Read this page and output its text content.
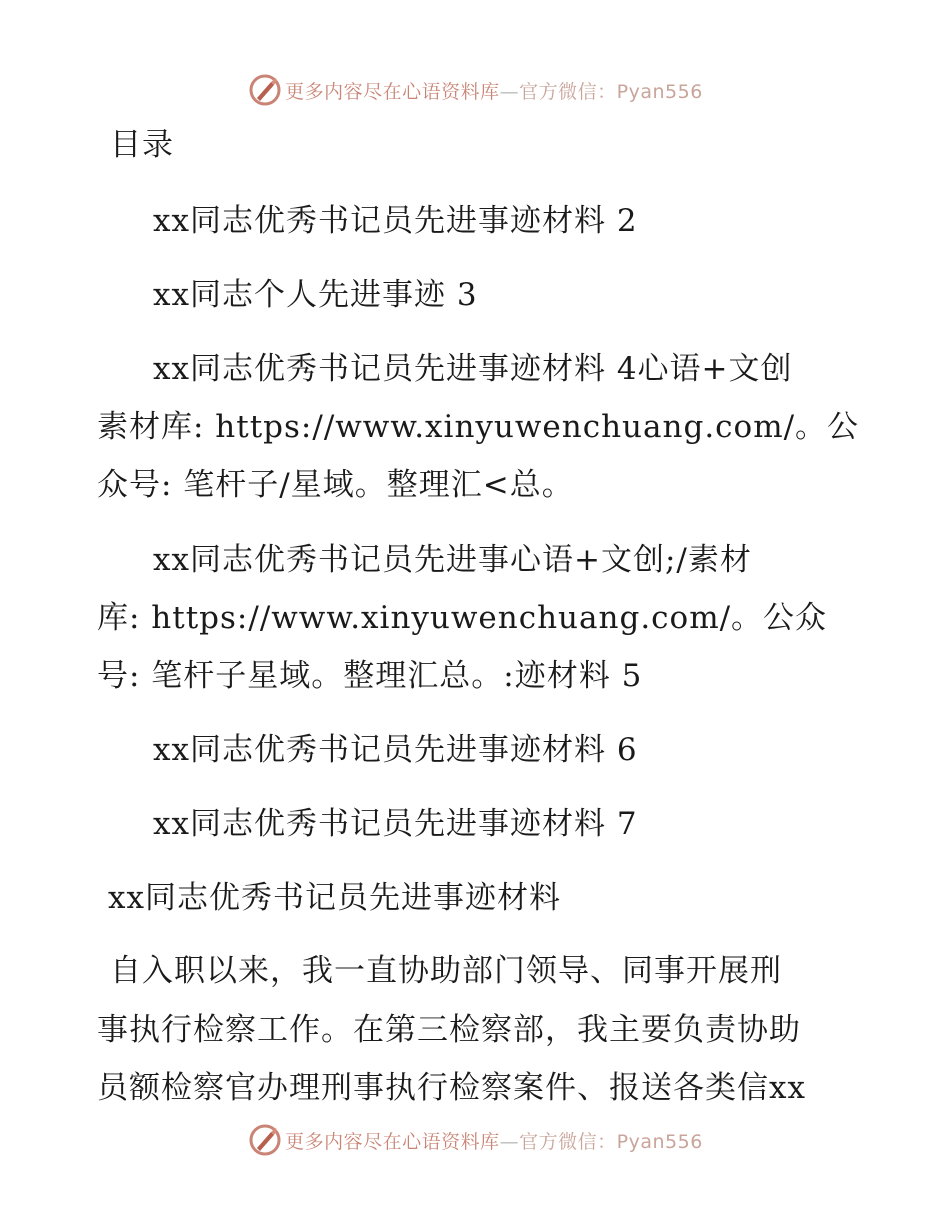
更多内容尽在心语资料库—官方微信：Pyan556
目录
xx同志优秀书记员先进事迹材料 2
xx同志个人先进事迹 3
xx同志优秀书记员先进事迹材料 4心语+文创
素材库: https://www.xinyuwenchuang.com/。公
众号: 笔杆子/星域。整理汇<总。
xx同志优秀书记员先进事心语+文创;/素材
库: https://www.xinyuwenchuang.com/。公众
号: 笔杆子星域。整理汇总。:迹材料 5
xx同志优秀书记员先进事迹材料 6
xx同志优秀书记员先进事迹材料 7
xx同志优秀书记员先进事迹材料
自入职以来，我一直协助部门领导、同事开展刑
事执行检察工作。在第三检察部，我主要负责协助
员额检察官办理刑事执行检察案件、报送各类信xx
更多内容尽在心语资料库—官方微信：Pyan556
